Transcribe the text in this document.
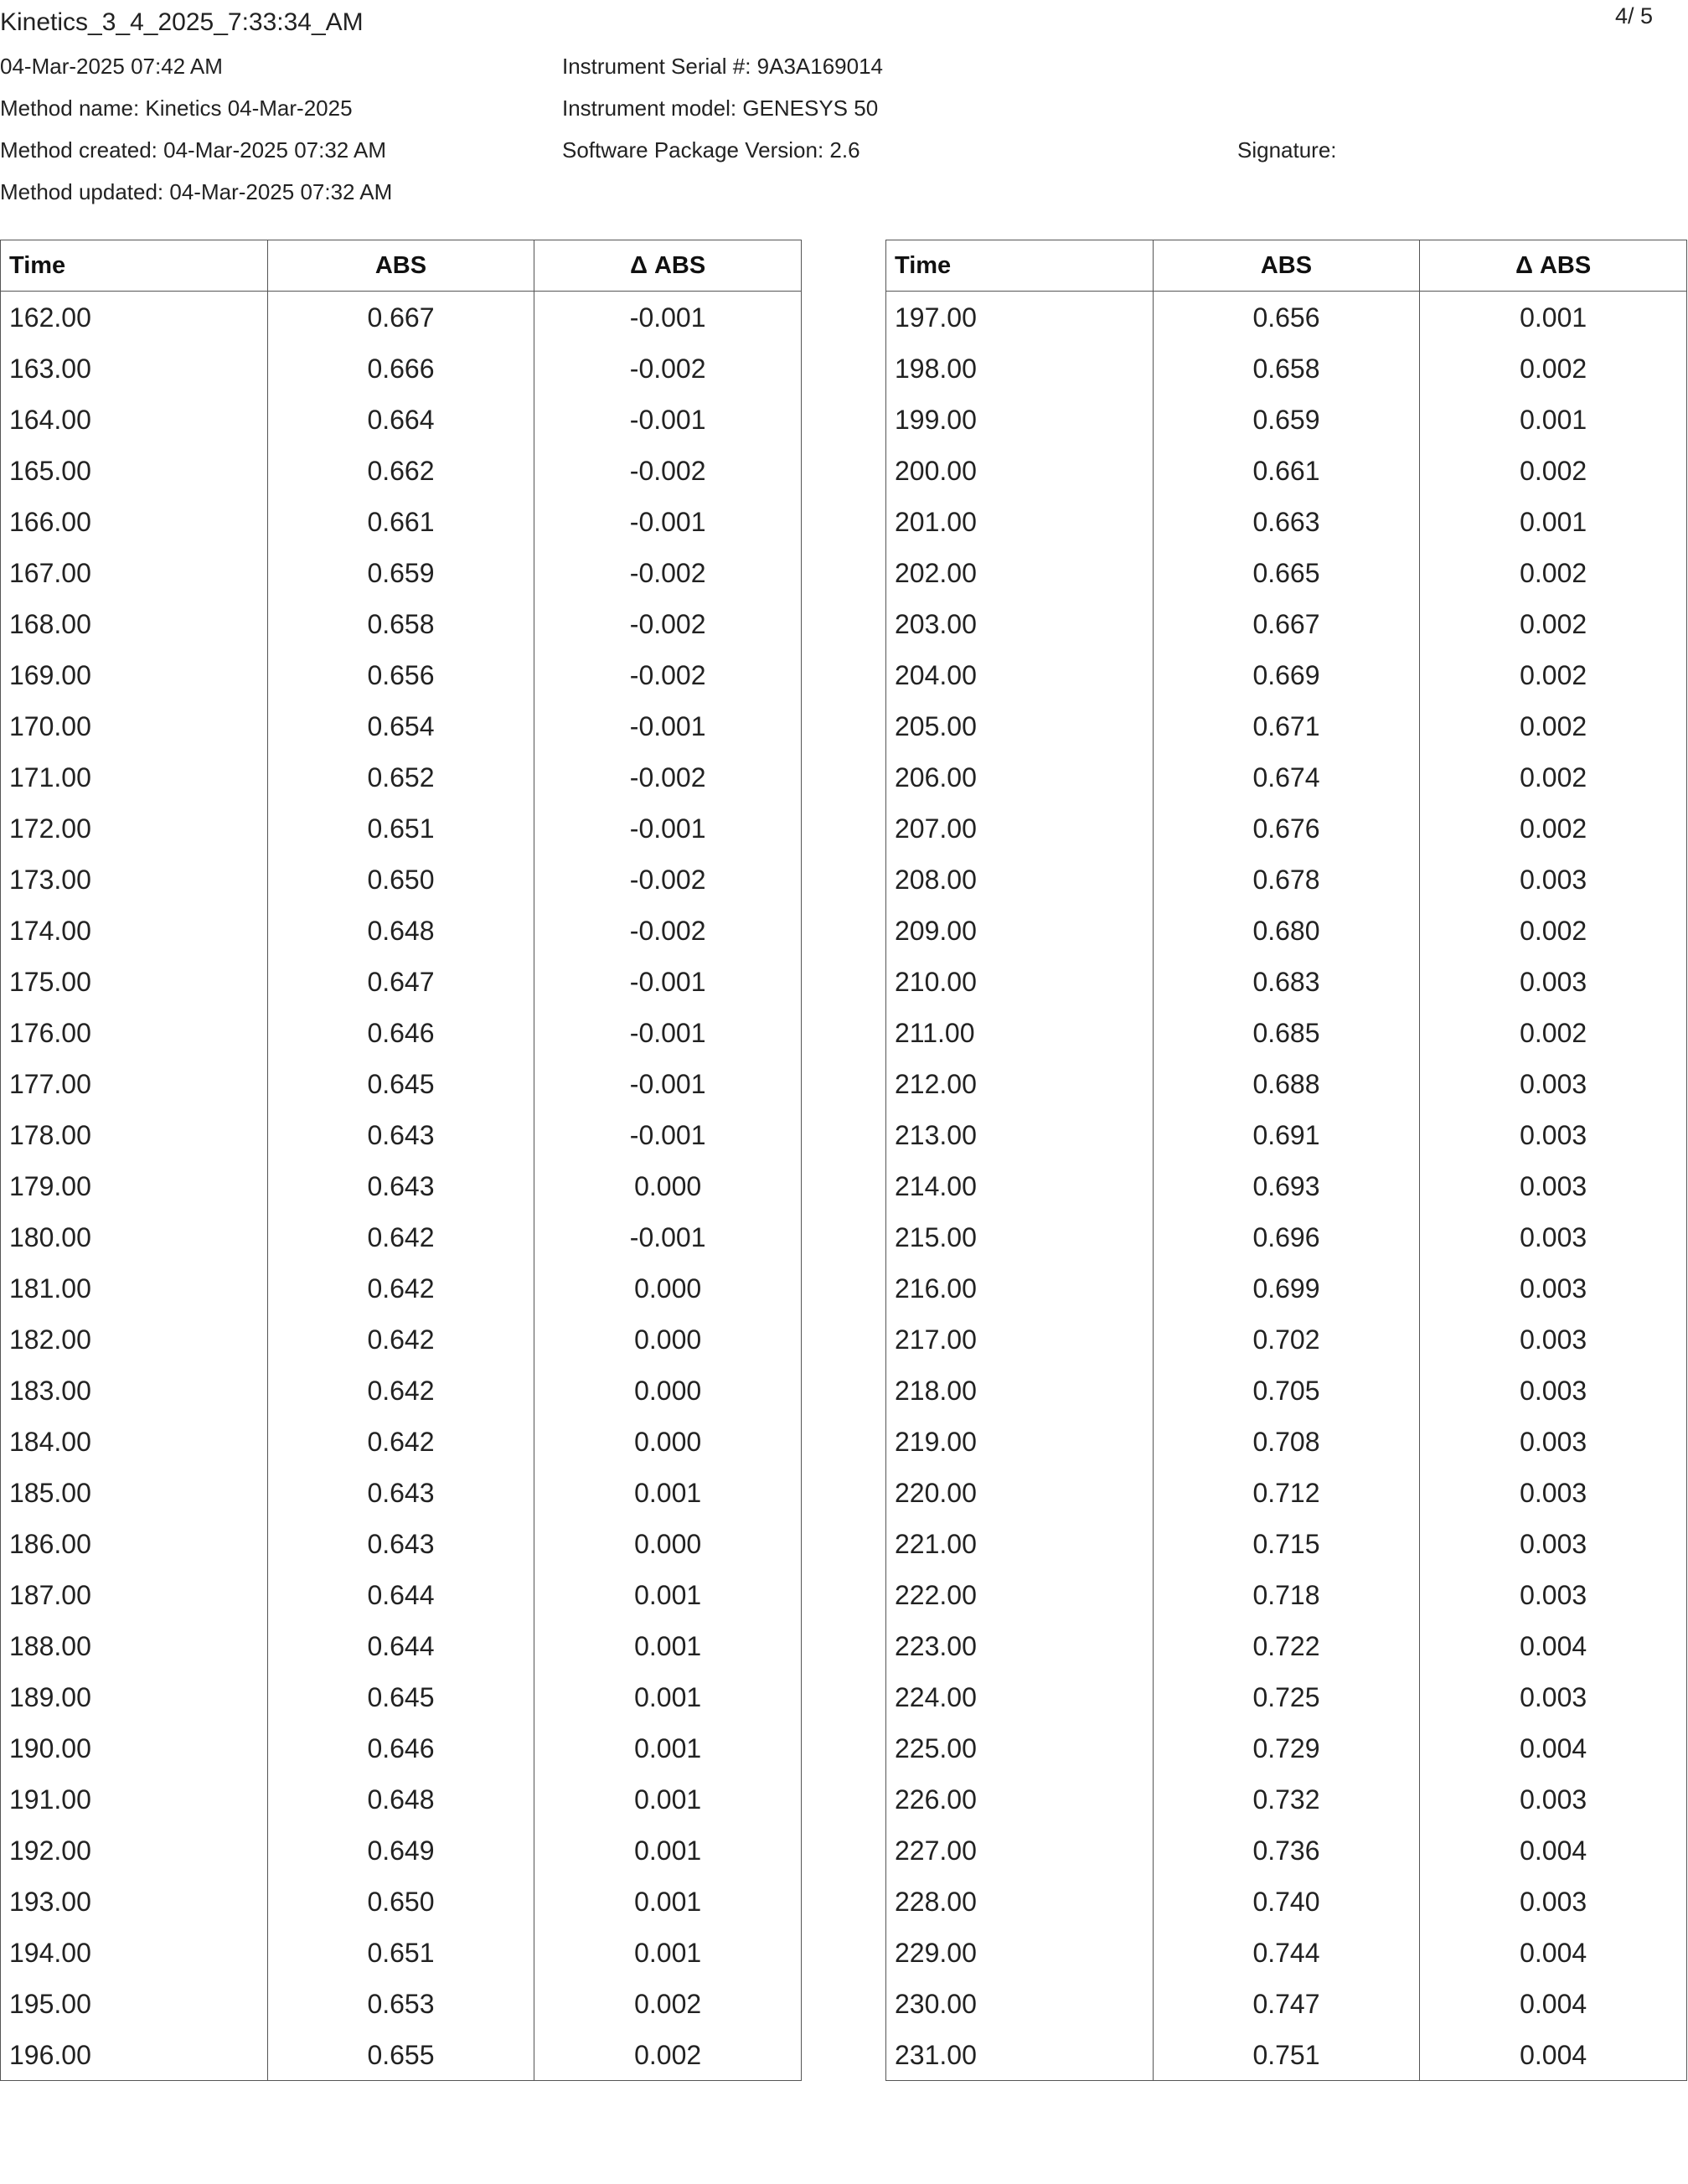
Kinetics_3_4_2025_7:33:34_AM	4/ 5
04-Mar-2025 07:42 AM
Method name: Kinetics 04-Mar-2025
Method created: 04-Mar-2025 07:32 AM
Method updated: 04-Mar-2025 07:32 AM
Instrument Serial #: 9A3A169014
Instrument model: GENESYS 50
Software Package Version: 2.6	Signature:
Time	ABS	Δ ABS
162.00	0.667	-0.001
163.00	0.666	-0.002
164.00	0.664	-0.001
165.00	0.662	-0.002
166.00	0.661	-0.001
167.00	0.659	-0.002
168.00	0.658	-0.002
169.00	0.656	-0.002
170.00	0.654	-0.001
171.00	0.652	-0.002
172.00	0.651	-0.001
173.00	0.650	-0.002
174.00	0.648	-0.002
175.00	0.647	-0.001
176.00	0.646	-0.001
177.00	0.645	-0.001
178.00	0.643	-0.001
179.00	0.643	0.000
180.00	0.642	-0.001
181.00	0.642	0.000
182.00	0.642	0.000
183.00	0.642	0.000
184.00	0.642	0.000
185.00	0.643	0.001
186.00	0.643	0.000
187.00	0.644	0.001
188.00	0.644	0.001
189.00	0.645	0.001
190.00	0.646	0.001
191.00	0.648	0.001
192.00	0.649	0.001
193.00	0.650	0.001
194.00	0.651	0.001
195.00	0.653	0.002
196.00	0.655	0.002

Time	ABS	Δ ABS
197.00	0.656	0.001
198.00	0.658	0.002
199.00	0.659	0.001
200.00	0.661	0.002
201.00	0.663	0.001
202.00	0.665	0.002
203.00	0.667	0.002
204.00	0.669	0.002
205.00	0.671	0.002
206.00	0.674	0.002
207.00	0.676	0.002
208.00	0.678	0.003
209.00	0.680	0.002
210.00	0.683	0.003
211.00	0.685	0.002
212.00	0.688	0.003
213.00	0.691	0.003
214.00	0.693	0.003
215.00	0.696	0.003
216.00	0.699	0.003
217.00	0.702	0.003
218.00	0.705	0.003
219.00	0.708	0.003
220.00	0.712	0.003
221.00	0.715	0.003
222.00	0.718	0.003
223.00	0.722	0.004
224.00	0.725	0.003
225.00	0.729	0.004
226.00	0.732	0.003
227.00	0.736	0.004
228.00	0.740	0.003
229.00	0.744	0.004
230.00	0.747	0.004
231.00	0.751	0.004
